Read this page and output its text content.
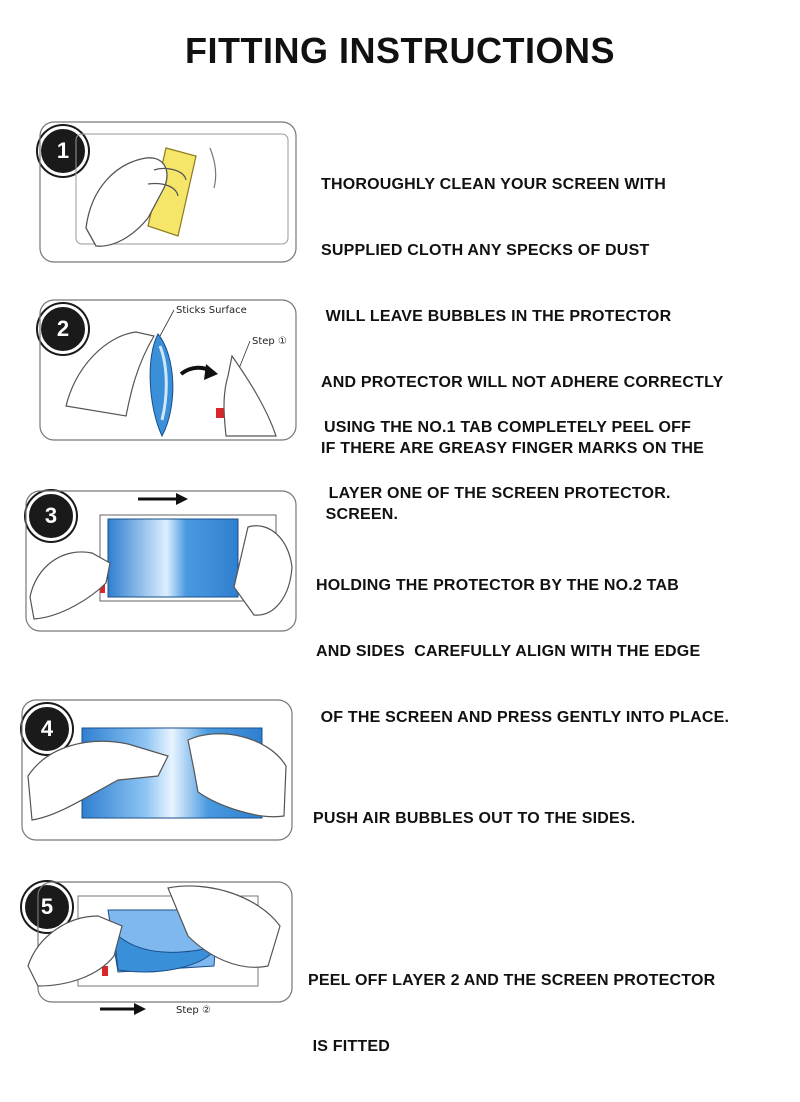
FITTING INSTRUCTIONS
1

THOROUGHLY CLEAN YOUR SCREEN WITH

SUPPLIED CLOTH ANY SPECKS OF DUST

WILL LEAVE BUBBLES IN THE PROTECTOR

AND PROTECTOR WILL NOT ADHERE CORRECTLY

IF THERE ARE GREASY FINGER MARKS ON THE

SCREEN.

2
Sticks Surface
Step ①

USING THE NO.1 TAB COMPLETELY PEEL OFF

LAYER ONE OF THE SCREEN PROTECTOR.

3

HOLDING THE PROTECTOR BY THE NO.2 TAB

AND SIDES  CAREFULLY ALIGN WITH THE EDGE

OF THE SCREEN AND PRESS GENTLY INTO PLACE.

4

PUSH AIR BUBBLES OUT TO THE SIDES.

5
Step ②

PEEL OFF LAYER 2 AND THE SCREEN PROTECTOR

IS FITTED
